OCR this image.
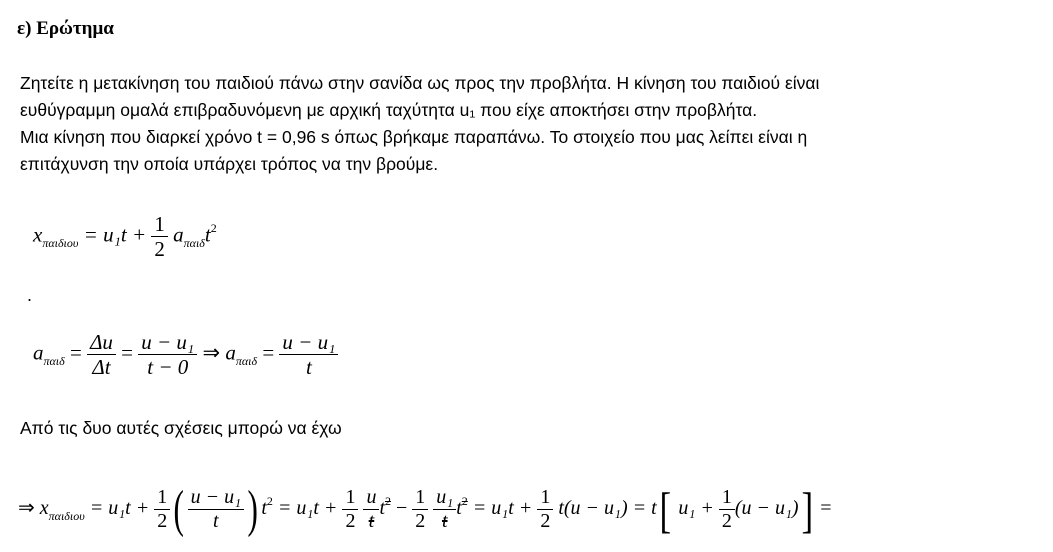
ε) Ερώτημα
Ζητείτε η μετακίνηση του παιδιού πάνω στην σανίδα ως προς την προβλήτα. Η κίνηση του παιδιού είναι
ευθύγραμμη ομαλά επιβραδυνόμενη με αρχική ταχύτητα u₁ που είχε αποκτήσει στην προβλήτα.
Μια κίνηση που διαρκεί χρόνο t = 0,96 s όπως βρήκαμε παραπάνω. Το στοιχείο που μας λείπει είναι η
επιτάχυνση την οποία υπάρχει τρόπος να την βρούμε.
$x_{\pi\alpha\iota\delta\iota o\upsilon} = u_1t + \frac{1}{2} a_{\pi\alpha\iota\delta}t^2$
.
$a_{\pi\alpha\iota\delta} = \frac{\Delta u}{\Delta t} = \frac{\text{u − u₁}}{t - 0}$ ⇒ $a_{\pi\alpha\iota\delta} = \frac{\text{u − u₁}}{t}$
Από τις δυο αυτές σχέσεις μπορώ να έχω
⇒ $x_{\pi\alpha\iota\delta\iota o\upsilon} = u_1t + \frac{1}{2}$ ( $\frac{\text{u − u₁}}{t}$ ) $t^2 = u_1t + \frac{1}{2}$
$\frac{u}{t} t^2 - \frac{1}{2}$
$\frac{\text{u₁}}{t} t^2 = u_1t + \frac{1}{2} t(u - u_1) = t$[ $u_1 + \frac{1}{2} (u - u_1)$] =
